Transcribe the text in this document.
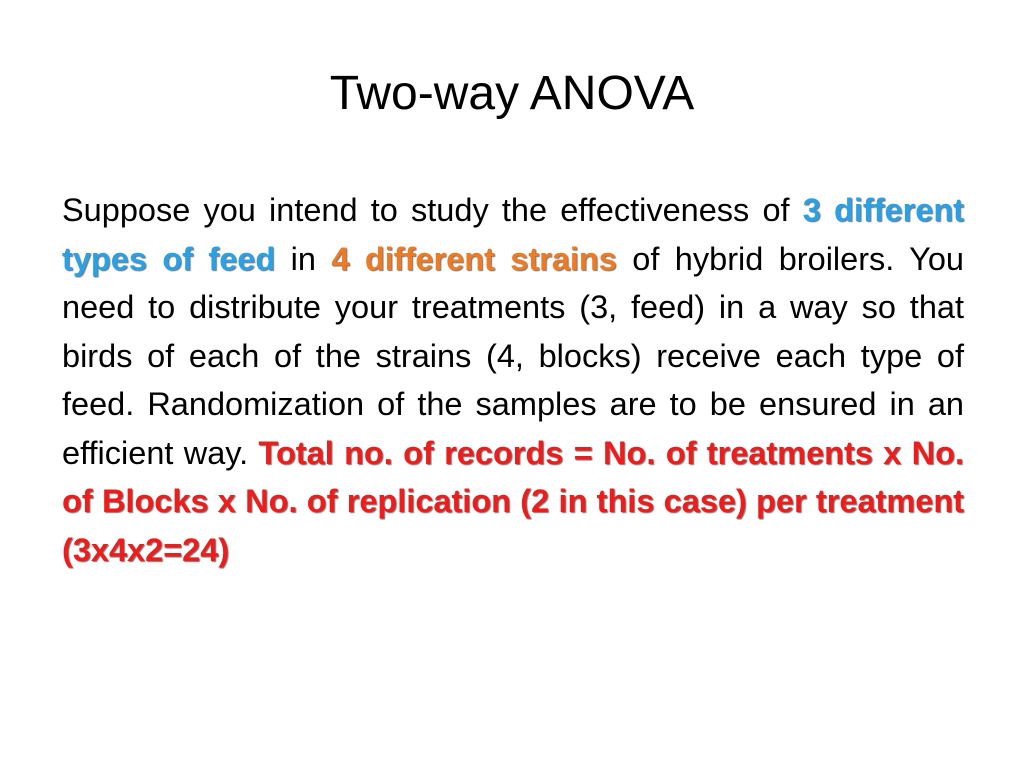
Two-way ANOVA

Suppose you intend to study the effectiveness of 3 different types of feed in 4 different strains of hybrid broilers. You need to distribute your treatments (3, feed) in a way so that birds of each of the strains (4, blocks) receive each type of feed. Randomization of the samples are to be ensured in an efficient way. Total no. of records = No. of treatments x No. of Blocks x No. of replication (2 in this case) per treatment (3x4x2=24)
